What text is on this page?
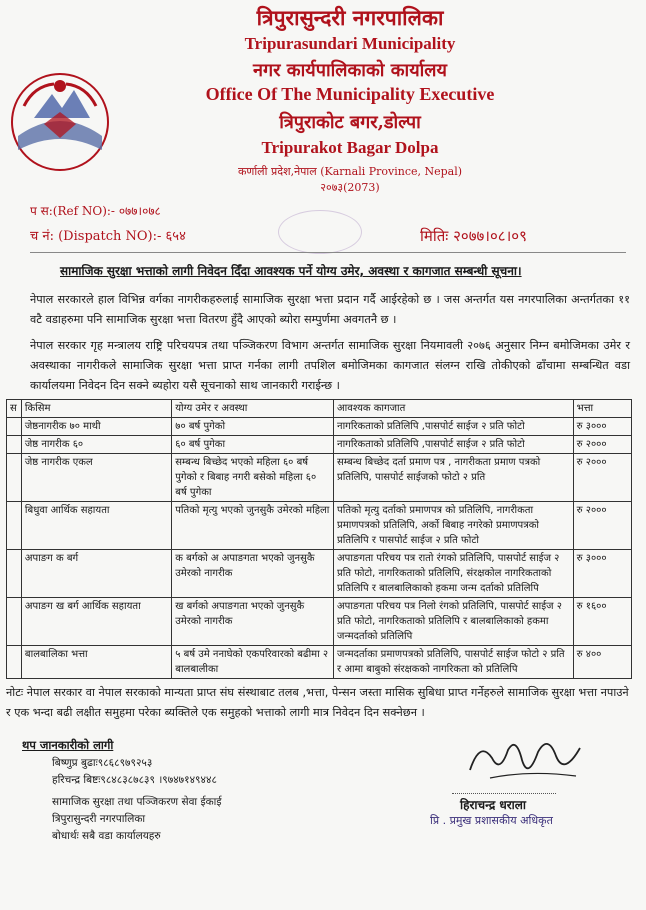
त्रिपुरासुन्दरी नगरपालिका
Tripurasundari Municipality
नगर कार्यपालिकाको कार्यालय
Office Of The Municipality Executive
त्रिपुराकोट बगर,डोल्पा
Tripurakot Bagar Dolpa
कर्णाली प्रदेश,नेपाल (Karnali Province, Nepal)
२०७३(2073)
प स:(Ref NO):- ०७७।०७८
च नं: (Dispatch NO):- ६५४	मितिः २०७७।०८।०९
सामाजिक सुरक्षा भत्ताको लागी निवेदन दिँदा आवश्यक पर्ने योग्य उमेर, अवस्था र कागजात सम्बन्धी सूचना।
नेपाल सरकारले हाल विभिन्न वर्गका नागरीकहरुलाई सामाजिक सुरक्षा भत्ता प्रदान गर्दै आईरहेको छ । जस अन्तर्गत यस नगरपालिका अन्तर्गतका ११ वटै वडाहरुमा पनि सामाजिक सुरक्षा भत्ता वितरण हुँदै आएको ब्योरा सम्पुर्णमा अवगतनै छ ।
नेपाल सरकार गृह मन्त्रालय राष्ट्रि परिचयपत्र तथा पञ्जिकरण विभाग अन्तर्गत सामाजिक सुरक्षा नियमावली २०७६ अनुसार निम्न बमोजिमका उमेर र अवस्थाका नागरीकले सामाजिक सुरक्षा भत्ता प्राप्त गर्नका लागी तपशिल बमोजिमका कागजात संलग्न राखि तोकीएको ढाँचामा सम्बन्धित वडा कार्यालयमा निवेदन दिन सक्ने ब्यहोरा यसै सूचनाको साथ जानकारी गराईन्छ ।
स	किसिम	योग्य उमेर र अवस्था	आवश्यक कागजात	भत्ता
	जेष्ठनागरीक ७० माथी	७० बर्ष पुगेको	नागरिकताको प्रतिलिपि ,पासपोर्ट साईज २ प्रति फोटो	रु ३०००
	जेष्ठ नागरीक ६०	६० बर्ष पुगेका	नागरिकताको प्रतिलिपि ,पासपोर्ट साईज २ प्रति फोटो	रु २०००
	जेष्ठ नागरीक एकल	सम्बन्ध बिच्छेद भएको महिला ६० बर्ष पुगेको र बिबाह नगरी बसेको महिला ६० बर्ष पुगेका	सम्बन्ध बिच्छेद दर्ता प्रमाण पत्र , नागरीकता प्रमाण पत्रको प्रतिलिपि, पासपोर्ट साईजको फोटो २ प्रति	रु २०००
	बिधुवा आर्थिक सहायता	पतिको मृत्यु भएको जुनसुकै उमेरको महिला	पतिको मृत्यु दर्ताको प्रमाणपत्र को प्रतिलिपि, नागरीकता प्रमाणपत्रको प्रतिलिपि, अर्को बिबाह नगरेको प्रमाणपत्रको प्रतिलिपि र पासपोर्ट साईज २ प्रति फोटो	रु २०००
	अपाङग क बर्ग	क बर्गको अ अपाङगता भएको जुनसुकै उमेरको नागरीक	अपाङगता परिचय पत्र रातो रंगको प्रतिलिपि, पासपोर्ट साईज २ प्रति फोटो, नागरिकताको प्रतिलिपि, संरक्षकोल नागरिकताको प्रतिलिपि र बालबालिकाको हकमा जन्म दर्ताको प्रतिलिपि	रु ३०००
	अपाङग ख बर्ग आर्थिक सहायता	ख बर्गको अपाङगता भएको जुनसुकै उमेरको नागरीक	अपाङगता परिचय पत्र निलो रंगको प्रतिलिपि, पासपोर्ट साईज २ प्रति फोटो, नागरिकताको प्रतिलिपि र बालबालिकाको हकमा जन्मदर्ताको प्रतिलिपि	रु १६००
	बालबालिका भत्ता	५ बर्ष उमे ननाघेको एकपरिवारको बढीमा २ बालबालीका	जन्मदर्ताका प्रमाणपत्रको प्रतिलिपि, पासपोर्ट साईज फोटो २ प्रति र आमा बाबुको संरक्षकको नागरिकता को प्रतिलिपि	रु ४००
नोटः नेपाल सरकार वा नेपाल सरकाको मान्यता प्राप्त संघ संस्थाबाट तलब ,भत्ता, पेन्सन जस्ता मासिक सुबिधा प्राप्त गर्नेहरुले सामाजिक सुरक्षा भत्ता नपाउने र एक भन्दा बढी लक्षीत समुहमा परेका ब्यक्तिले एक समुहको भत्ताको लागी मात्र निवेदन दिन सक्नेछन ।
थप जानकारीको लागी
बिष्णुप्र बुढाः९८६८९७९२५३
हरिचन्द्र बिष्टः९८४८३८७८३९ ।९७४७१४९४४८
सामाजिक सुरक्षा तथा पञ्जिकरण सेवा ईकाई
त्रिपुरासुन्दरी नगरपालिका
बोधार्थः सबै वडा कार्यालयहरु
हिराचन्द्र धराला
प्रि . प्रमुख प्रशासकीय अधिकृत
